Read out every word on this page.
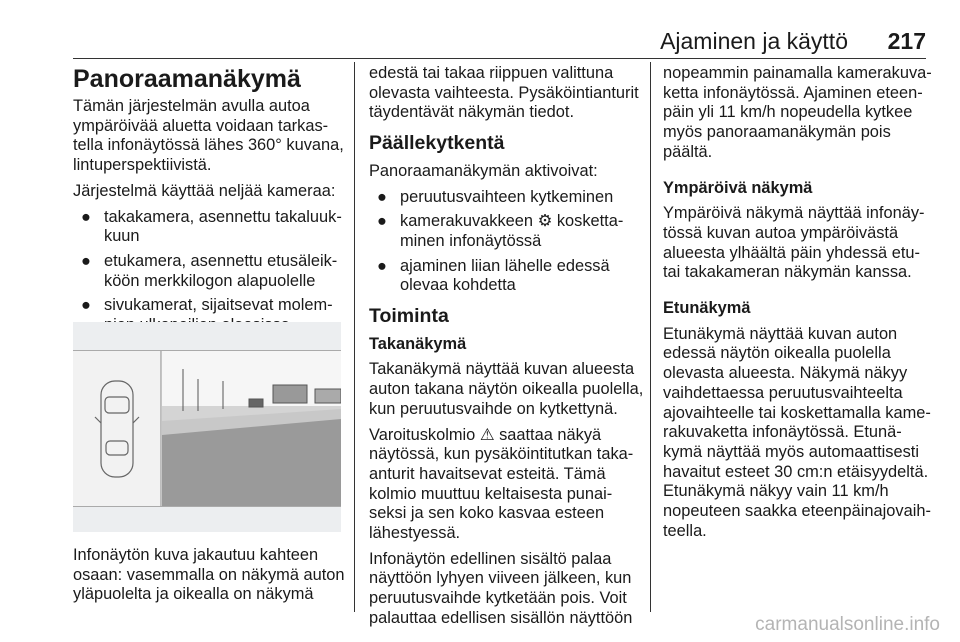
Ajaminen ja käyttö 217
Panoraamanäkymä

Tämän järjestelmän avulla autoa
ympäröivää aluetta voidaan tarkas-
tella infonäytössä lähes 360° kuvana,
lintuperspektiivistä.

Järjestelmä käyttää neljää kameraa:

● takakamera, asennettu takaluuk-
kuun
● etukamera, asennettu etusäleik-
köön merkkilogon alapuolelle
● sivukamerat, sijaitsevat molem-

Infonäytön kuva jakautuu kahteen
osaan: vasemmalla on näkymä auton
yläpuolelta ja oikealla on näkymä

edestä tai takaa riippuen valittuna
olevasta vaihteesta. Pysäköintianturit
täydentävät näkymän tiedot.

Päällekytkentä

Panoraamanäkymän aktivoivat:

● peruutusvaihteen kytkeminen
● kamerakuvakkeen ⚙ kosketta-
minen infonäytössä
● ajaminen liian lähelle edessä
olevaa kohdetta
Toiminta

Takanäkymä

Takanäkymä näyttää kuvan alueesta
auton takana näytön oikealla puolella,
kun peruutusvaihde on kytkettynä.

Varoituskolmio ⚠ saattaa näkyä
näytössä, kun pysäköintitutkan taka-
anturit havaitsevat esteitä. Tämä
kolmio muuttuu keltaisesta punai-
seksi ja sen koko kasvaa esteen
lähestyessä.

Infonäytön edellinen sisältö palaa
näyttöön lyhyen viiveen jälkeen, kun
peruutusvaihde kytketään pois. Voit
palauttaa edellisen sisällön näyttöön

nopeammin painamalla kamerakuva-
ketta infonäytössä. Ajaminen eteen-
päin yli 11 km/h nopeudella kytkee
myös panoraamanäkymän pois
päältä.

Ympäröivä näkymä

Ympäröivä näkymä näyttää infonäy-
tössä kuvan autoa ympäröivästä
alueesta ylhäältä päin yhdessä etu-
tai takakameran näkymän kanssa.

Etunäkymä

Etunäkymä näyttää kuvan auton
edessä näytön oikealla puolella
olevasta alueesta. Näkymä näkyy
vaihdettaessa peruutusvaihteelta
ajovaihteelle tai koskettamalla kame-
rakuvaketta infonäytössä. Etunä-
kymä näyttää myös automaattisesti
havaitut esteet 30 cm:n etäisyydeltä.
Etunäkymä näkyy vain 11 km/h
nopeuteen saakka eteenpäinajovaih-
teella.

carmanualsonline.info
